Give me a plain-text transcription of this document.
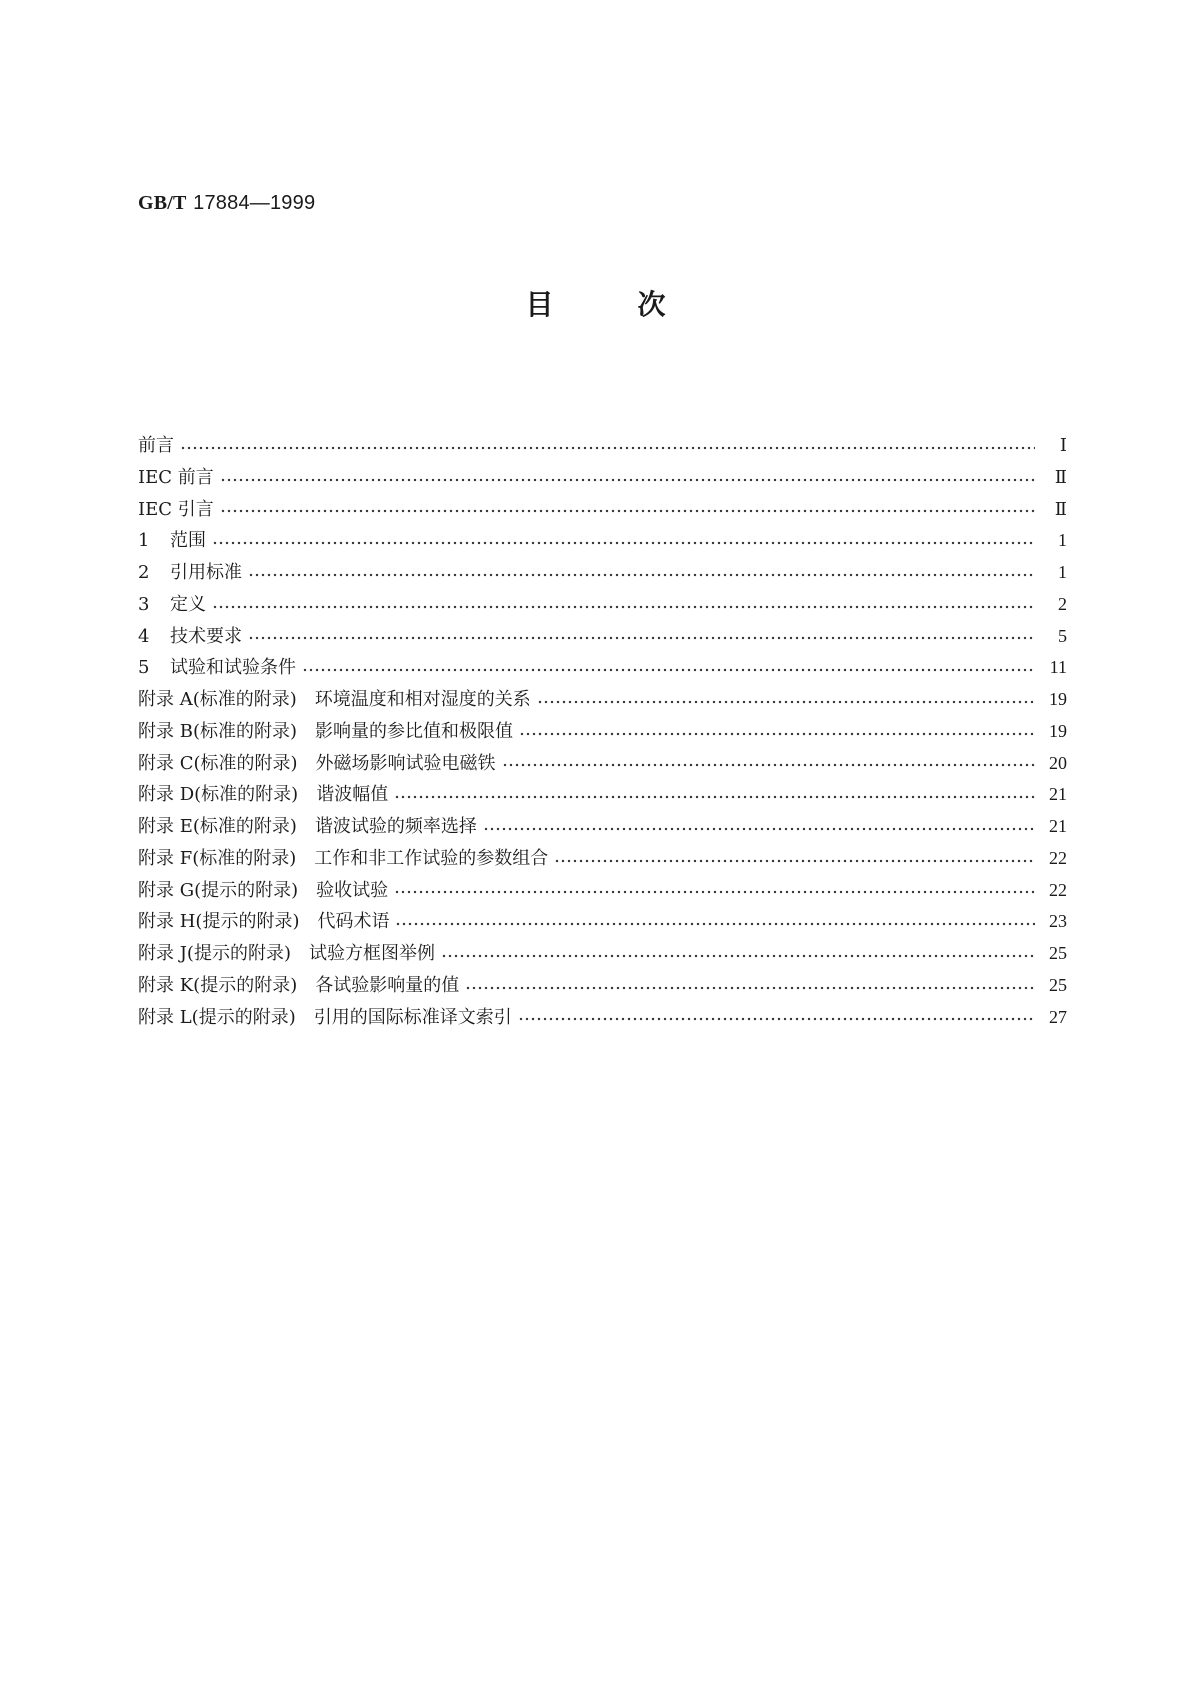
GB/T 17884—1999
目	次
前言	Ⅰ
IEC 前言	Ⅱ
IEC 引言	Ⅱ
1 范围	1
2 引用标准	1
3 定义	2
4 技术要求	5
5 试验和试验条件	11
附录 A(标准的附录)　环境温度和相对湿度的关系	19
附录 B(标准的附录)　影响量的参比值和极限值	19
附录 C(标准的附录)　外磁场影响试验电磁铁	20
附录 D(标准的附录)　谐波幅值	21
附录 E(标准的附录)　谐波试验的频率选择	21
附录 F(标准的附录)　工作和非工作试验的参数组合	22
附录 G(提示的附录)　验收试验	22
附录 H(提示的附录)　代码术语	23
附录 J(提示的附录)　试验方框图举例	25
附录 K(提示的附录)　各试验影响量的值	25
附录 L(提示的附录)　引用的国际标准译文索引	27
